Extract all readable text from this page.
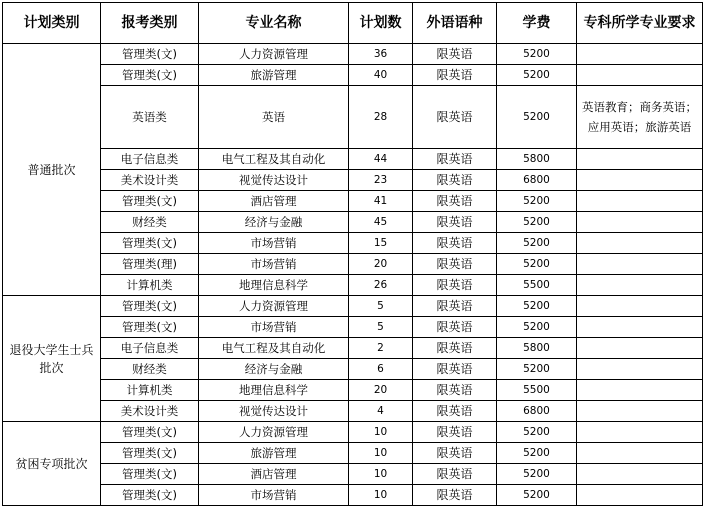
计划类别	报考类别	专业名称	计划数	外语语种	学费	专科所学专业要求
普通批次	管理类(文)	人力资源管理	36	限英语	5200	
	管理类(文)	旅游管理	40	限英语	5200	
	英语类	英语	28	限英语	5200	英语教育；商务英语；应用英语；旅游英语
	电子信息类	电气工程及其自动化	44	限英语	5800	
	美术设计类	视觉传达设计	23	限英语	6800	
	管理类(文)	酒店管理	41	限英语	5200	
	财经类	经济与金融	45	限英语	5200	
	管理类(文)	市场营销	15	限英语	5200	
	管理类(理)	市场营销	20	限英语	5200	
	计算机类	地理信息科学	26	限英语	5500	
退役大学生士兵批次	管理类(文)	人力资源管理	5	限英语	5200	
	管理类(文)	市场营销	5	限英语	5200	
	电子信息类	电气工程及其自动化	2	限英语	5800	
	财经类	经济与金融	6	限英语	5200	
	计算机类	地理信息科学	20	限英语	5500	
	美术设计类	视觉传达设计	4	限英语	6800	
贫困专项批次	管理类(文)	人力资源管理	10	限英语	5200	
	管理类(文)	旅游管理	10	限英语	5200	
	管理类(文)	酒店管理	10	限英语	5200	
	管理类(文)	市场营销	10	限英语	5200	
